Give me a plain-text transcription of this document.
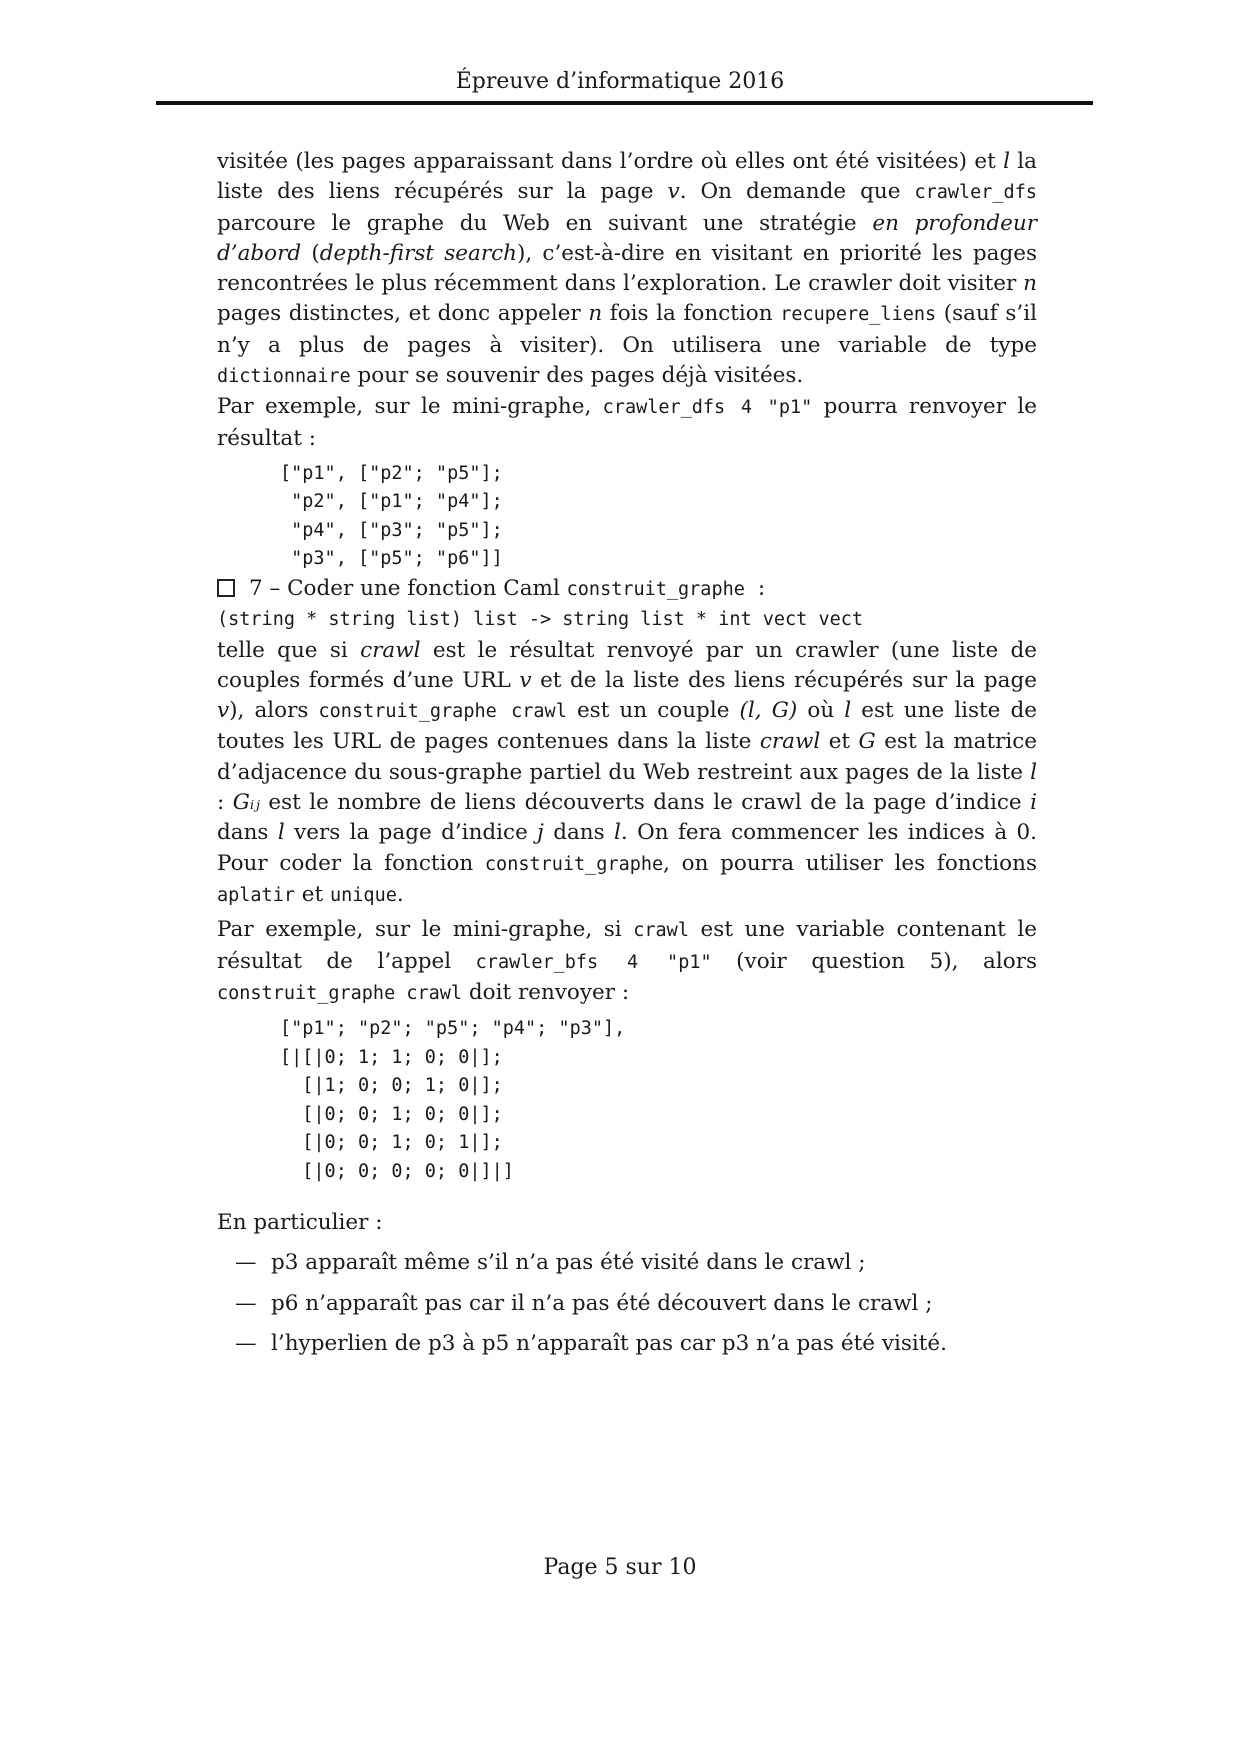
Épreuve d’informatique 2016

visitée (les pages apparaissant dans l’ordre où elles ont été visitées) et l la liste des liens récupérés sur la page v. On demande que crawler_dfs parcoure le graphe du Web en suivant une stratégie en profondeur d’abord (depth-first search), c’est-à-dire en visitant en priorité les pages rencontrées le plus récemment dans l’exploration. Le crawler doit visiter n pages distinctes, et donc appeler n fois la fonction recupere_liens (sauf s’il n’y a plus de pages à visiter). On utilisera une variable de type dictionnaire pour se souvenir des pages déjà visitées.

Par exemple, sur le mini-graphe, crawler_dfs 4 "p1" pourra renvoyer le résultat :

["p1", ["p2"; "p5"];
"p2", ["p1"; "p4"];
"p4", ["p3"; "p5"];
"p3", ["p5"; "p6"]]

7 – Coder une fonction Caml construit_graphe :
(string * string list) list -> string list * int vect vect

telle que si crawl est le résultat renvoyé par un crawler (une liste de couples formés d’une URL v et de la liste des liens récupérés sur la page v), alors construit_graphe crawl est un couple (l, G) où l est une liste de toutes les URL de pages contenues dans la liste crawl et G est la matrice d’adjacence du sous-graphe partiel du Web restreint aux pages de la liste l : Gᵢⱼ est le nombre de liens découverts dans le crawl de la page d’indice i dans l vers la page d’indice j dans l. On fera commencer les indices à 0. Pour coder la fonction construit_graphe, on pourra utiliser les fonctions aplatir et unique.

Par exemple, sur le mini-graphe, si crawl est une variable contenant le résultat de l’appel crawler_bfs 4 "p1" (voir question 5), alors construit_graphe crawl doit renvoyer :

["p1"; "p2"; "p5"; "p4"; "p3"],
[|[|0; 1; 1; 0; 0|];
[|1; 0; 0; 1; 0|];
[|0; 0; 1; 0; 0|];
[|0; 0; 1; 0; 1|];
[|0; 0; 0; 0; 0|]|]

En particulier :

— p3 apparaît même s’il n’a pas été visité dans le crawl ;
— p6 n’apparaît pas car il n’a pas été découvert dans le crawl ;
— l’hyperlien de p3 à p5 n’apparaît pas car p3 n’a pas été visité.
Page 5 sur 10
